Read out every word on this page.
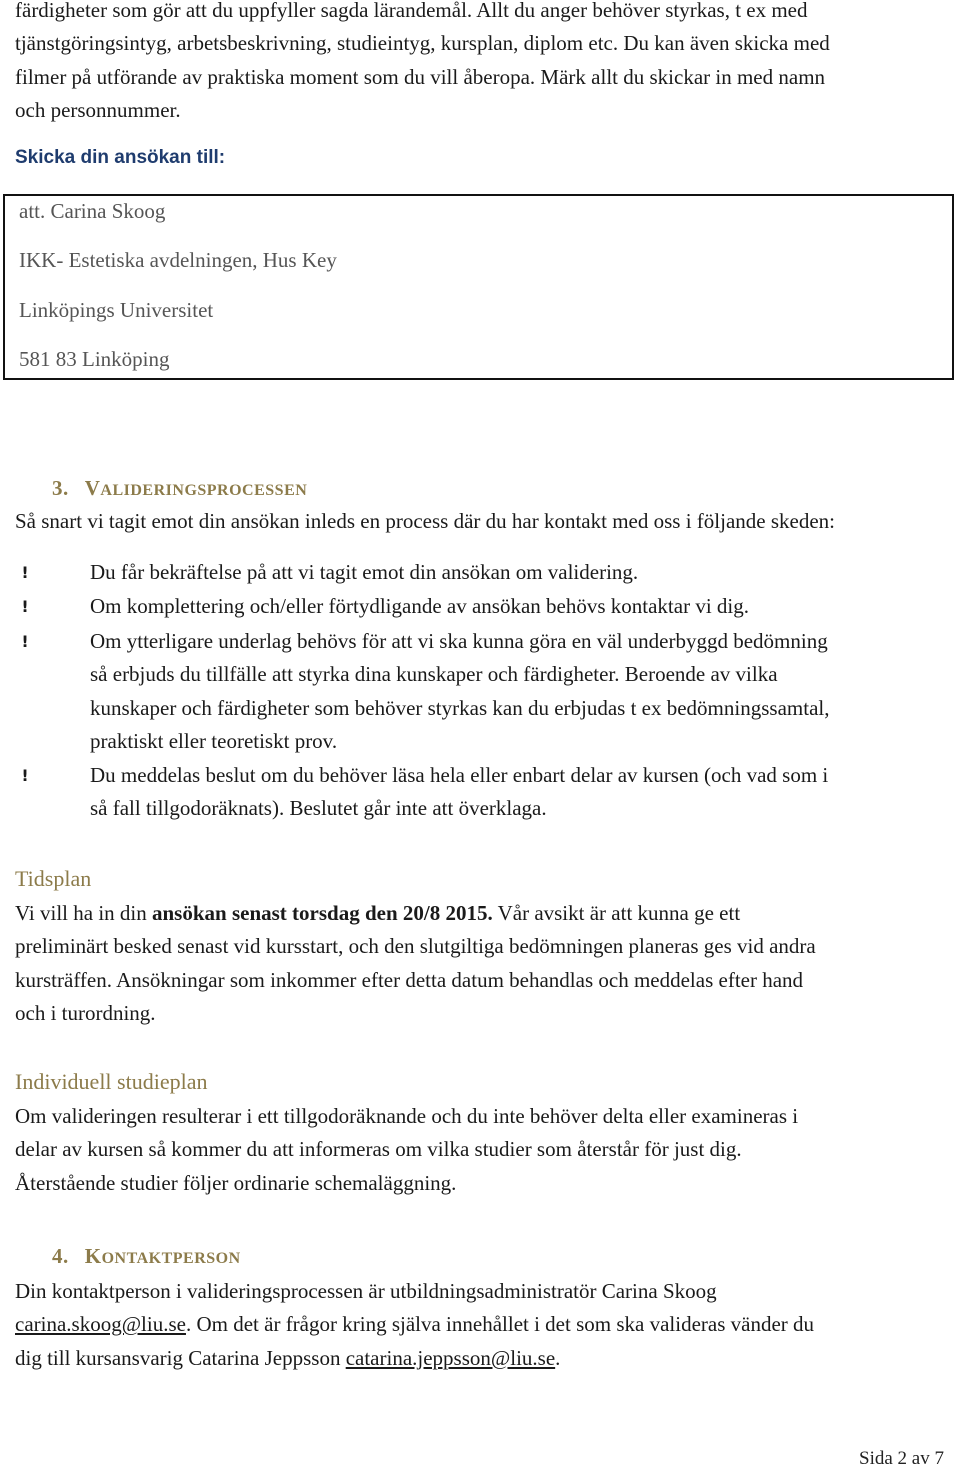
färdigheter som gör att du uppfyller sagda lärandemål. Allt du anger behöver styrkas, t ex med
tjänstgöringsintyg, arbetsbeskrivning, studieintyg, kursplan, diplom etc. Du kan även skicka med
filmer på utförande av praktiska moment som du vill åberopa. Märk allt du skickar in med namn
och personnummer.
Skicka din ansökan till:

att. Carina Skoog

IKK- Estetiska avdelningen, Hus Key

Linköpings Universitet

581 83 Linköping

3. VALIDERINGSPROCESSEN
Så snart vi tagit emot din ansökan inleds en process där du har kontakt med oss i följande skeden:
!	Du får bekräftelse på att vi tagit emot din ansökan om validering.

!	Om komplettering och/eller förtydligande av ansökan behövs kontaktar vi dig.

!	Om ytterligare underlag behövs för att vi ska kunna göra en väl underbyggd bedömning
så erbjuds du tillfälle att styrka dina kunskaper och färdigheter. Beroende av vilka
kunskaper och färdigheter som behöver styrkas kan du erbjudas t ex bedömningssamtal,
praktiskt eller teoretiskt prov.
!	Du meddelas beslut om du behöver läsa hela eller enbart delar av kursen (och vad som i
så fall tillgodoräknats). Beslutet går inte att överklaga.
Tidsplan
Vi vill ha in din ansökan senast torsdag den 20/8 2015. Vår avsikt är att kunna ge ett
preliminärt besked senast vid kursstart, och den slutgiltiga bedömningen planeras ges vid andra
kursträffen. Ansökningar som inkommer efter detta datum behandlas och meddelas efter hand
och i turordning.
Individuell studieplan
Om valideringen resulterar i ett tillgodoräknande och du inte behöver delta eller examineras i
delar av kursen så kommer du att informeras om vilka studier som återstår för just dig.
Återstående studier följer ordinarie schemaläggning.
4. KONTAKTPERSON
Din kontaktperson i valideringsprocessen är utbildningsadministratör Carina Skoog
carina.skoog@liu.se. Om det är frågor kring själva innehållet i det som ska valideras vänder du
dig till kursansvarig Catarina Jeppsson catarina.jeppsson@liu.se.
Sida 2 av 7
